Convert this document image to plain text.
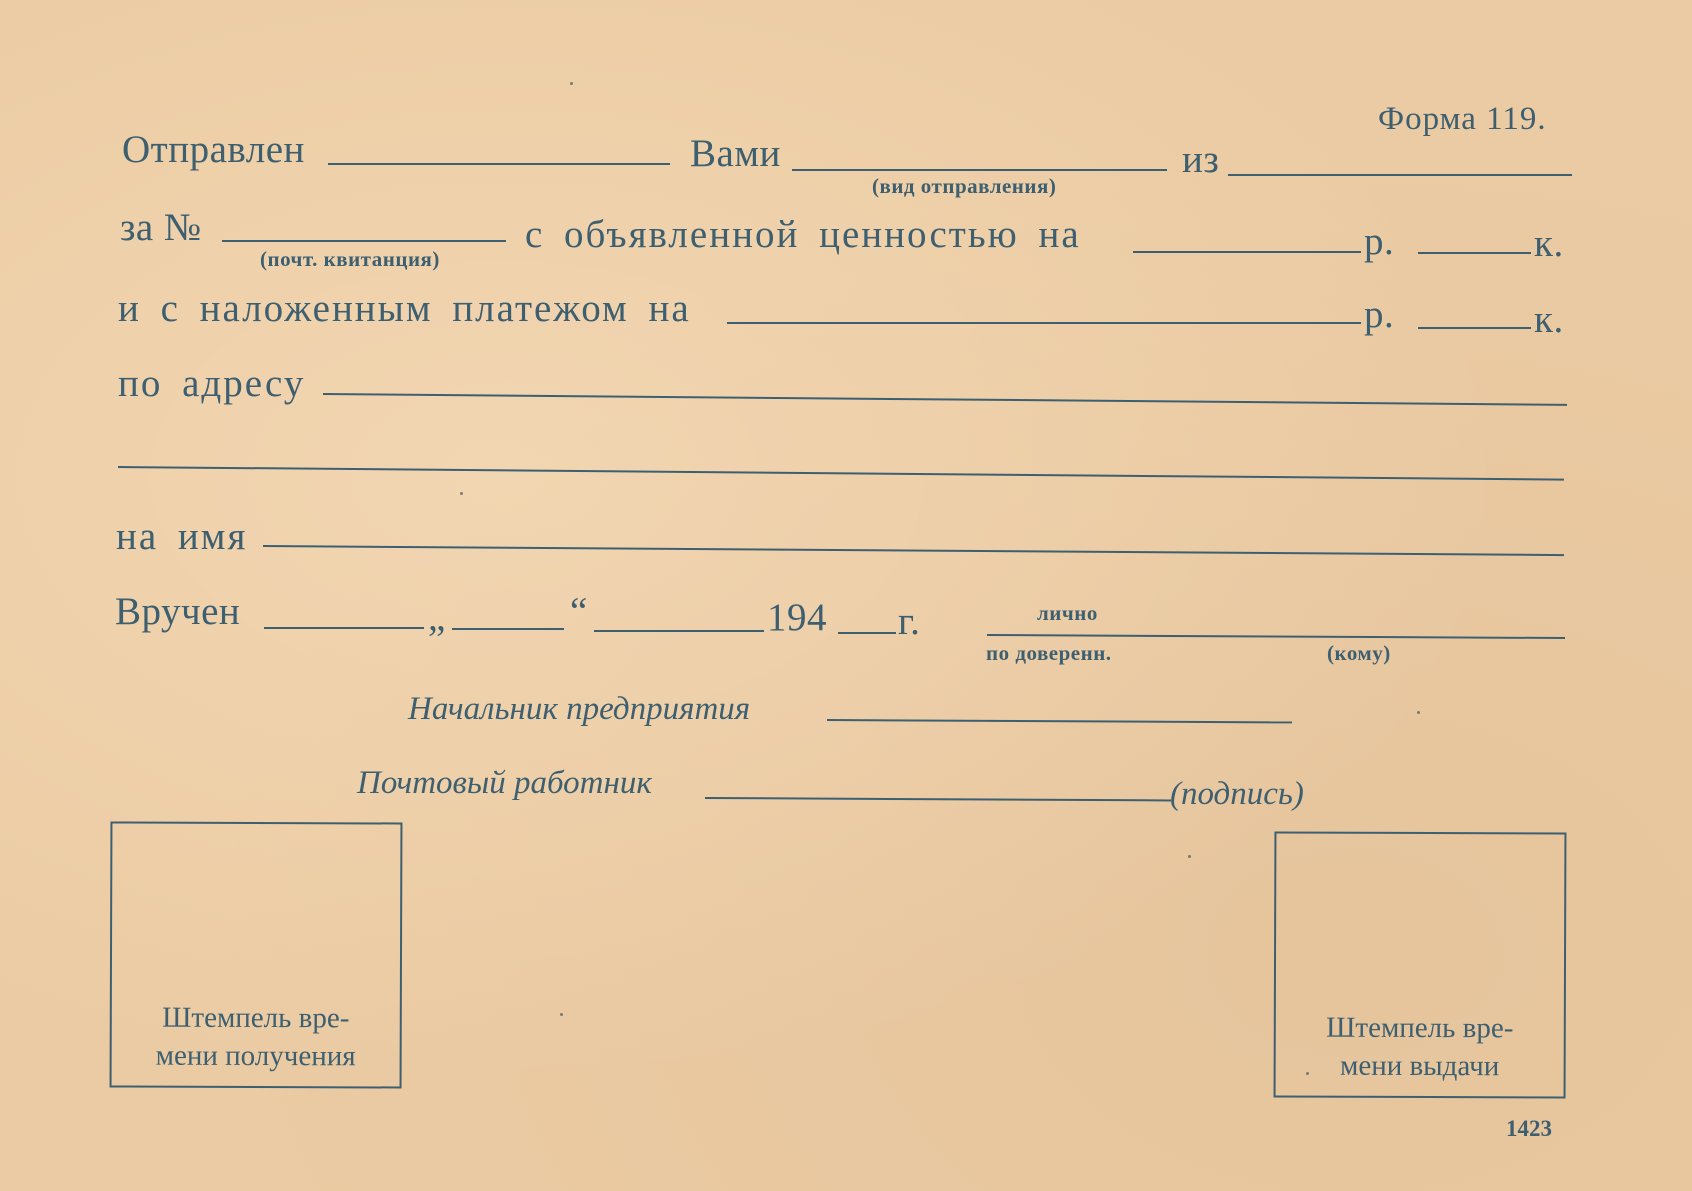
Форма 119.
Отправлен	Вами
(вид отправления)
из
за №
(почт. квитанция)
с объявленной ценностью на	р.	к.
и с наложенным платежом на	р.	к.
по адресу
на имя
Вручен	„	“	194 г.	лично
по доверенн.	(кому)
Начальник предприятия
Почтовый работник	(подпись)
Штемпель вре-
мени получения
Штемпель вре-
мени выдачи
1423
